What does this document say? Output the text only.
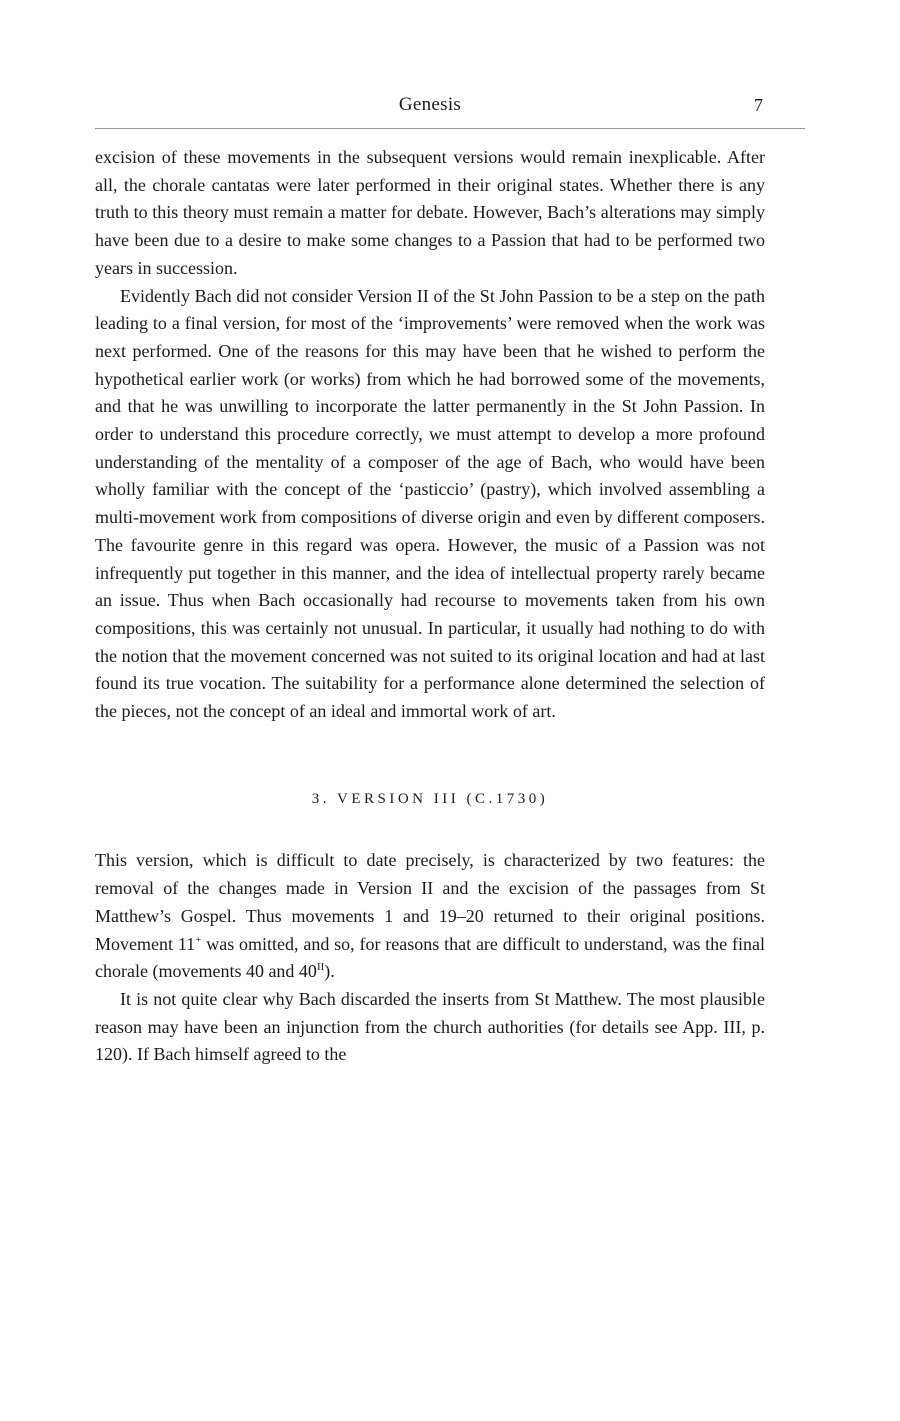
Genesis	7

excision of these movements in the subsequent versions would remain inexplicable. After all, the chorale cantatas were later performed in their original states. Whether there is any truth to this theory must remain a matter for debate. However, Bach’s alterations may simply have been due to a desire to make some changes to a Passion that had to be performed two years in succession.

Evidently Bach did not consider Version II of the St John Passion to be a step on the path leading to a final version, for most of the ‘improvements’ were removed when the work was next performed. One of the reasons for this may have been that he wished to perform the hypothetical earlier work (or works) from which he had borrowed some of the movements, and that he was unwilling to incorporate the latter permanently in the St John Passion. In order to understand this procedure correctly, we must attempt to develop a more profound understanding of the mentality of a composer of the age of Bach, who would have been wholly familiar with the concept of the ‘pasticcio’ (pastry), which involved assembling a multi-movement work from compositions of diverse origin and even by different composers. The favourite genre in this regard was opera. However, the music of a Passion was not infrequently put together in this manner, and the idea of intellectual property rarely became an issue. Thus when Bach occasionally had recourse to movements taken from his own compositions, this was certainly not unusual. In particular, it usually had nothing to do with the notion that the movement concerned was not suited to its original location and had at last found its true vocation. The suitability for a performance alone determined the selection of the pieces, not the concept of an ideal and immortal work of art.

3. VERSION III (C.1730)

This version, which is difficult to date precisely, is characterized by two features: the removal of the changes made in Version II and the excision of the passages from St Matthew’s Gospel. Thus movements 1 and 19–20 returned to their original positions. Movement 11+ was omitted, and so, for reasons that are difficult to understand, was the final chorale (movements 40 and $40^{II}$).

It is not quite clear why Bach discarded the inserts from St Matthew. The most plausible reason may have been an injunction from the church authorities (for details see App. III, p. 120). If Bach himself agreed to the
